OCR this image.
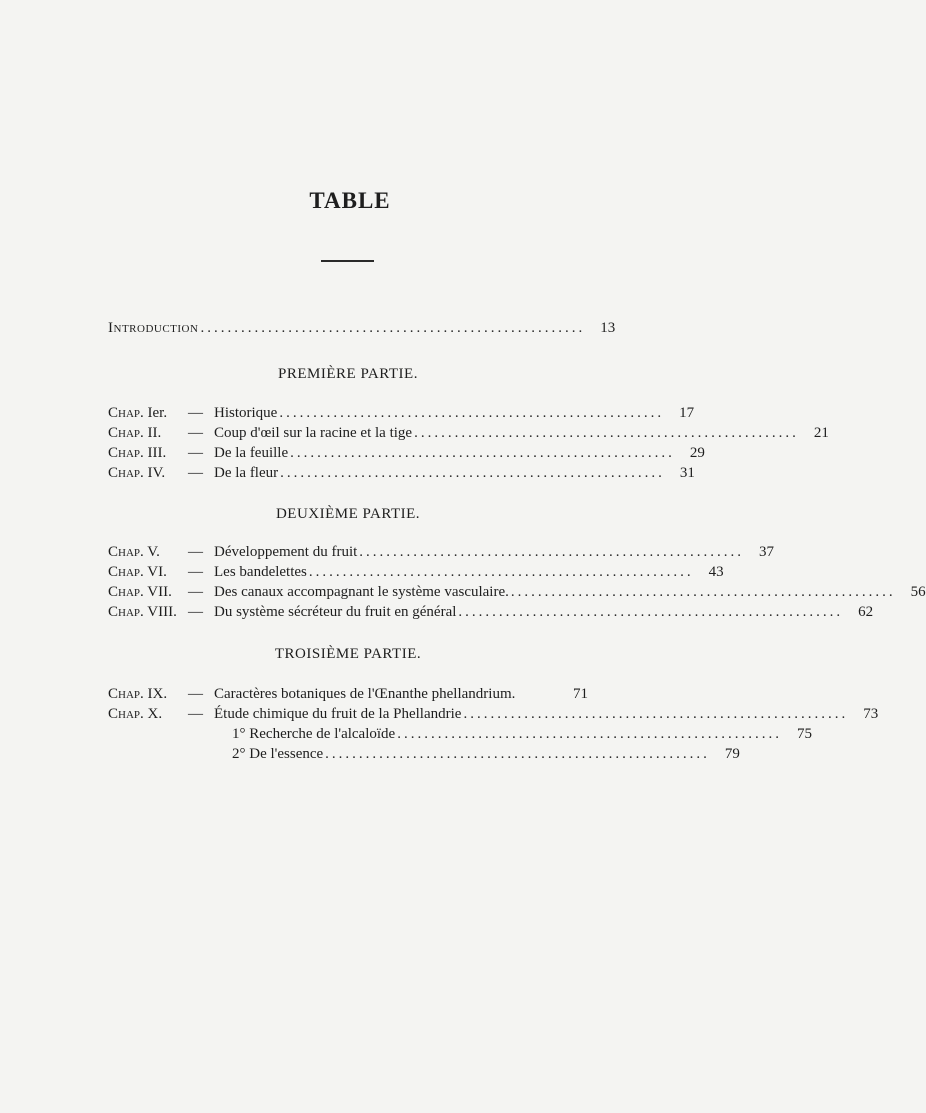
TABLE
Introduction .........................................................	13
PREMIÈRE PARTIE.
Chap. Ier.	— Historique .........................................................	17
Chap. II.	— Coup d'œil sur la racine et la tige .........................................................	21
Chap. III.	— De la feuille .........................................................	29
Chap. IV.	— De la fleur .........................................................	31
DEUXIÈME PARTIE.
Chap. V.	— Développement du fruit .........................................................	37
Chap. VI.	— Les bandelettes .........................................................	43
Chap. VII.	— Des canaux accompagnant le système vasculaire. .........................................................	56
Chap. VIII. — Du système sécréteur du fruit en général .........................................................	62
TROISIÈME PARTIE.
Chap. IX.	— Caractères botaniques de l'Œnanthe phellandrium.	71
Chap. X.	— Étude chimique du fruit de la Phellandrie .........................................................	73
1° Recherche de l'alcaloïde .........................................................	75
2° De l'essence .........................................................	79
